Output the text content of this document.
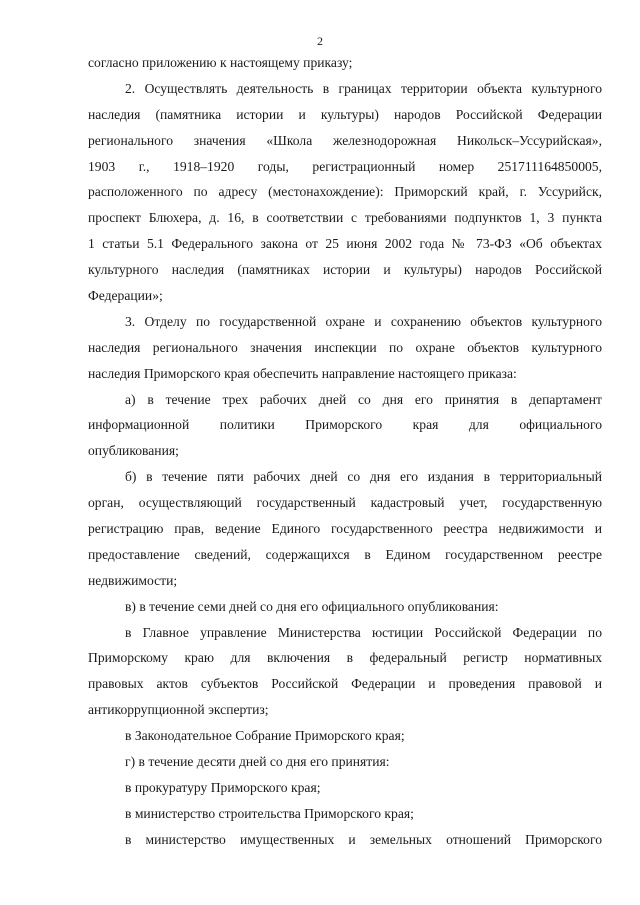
2
согласно приложению к настоящему приказу;
2. Осуществлять деятельность в границах территории объекта культурного
наследия (памятника истории и культуры) народов Российской Федерации
регионального значения «Школа железнодорожная Никольск–Уссурийская»,
1903 г., 1918–1920 годы, регистрационный номер 251711164850005,
расположенного по адресу (местонахождение): Приморский край, г. Уссурийск,
проспект Блюхера, д. 16, в соответствии с требованиями подпунктов 1, 3 пункта
1 статьи 5.1 Федерального закона от 25 июня 2002 года № 73-ФЗ «Об объектах
культурного наследия (памятниках истории и культуры) народов Российской
Федерации»;
3. Отделу по государственной охране и сохранению объектов культурного
наследия регионального значения инспекции по охране объектов культурного
наследия Приморского края обеспечить направление настоящего приказа:
а) в течение трех рабочих дней со дня его принятия в департамент
информационной политики Приморского края для официального
опубликования;
б) в течение пяти рабочих дней со дня его издания в территориальный
орган, осуществляющий государственный кадастровый учет, государственную
регистрацию прав, ведение Единого государственного реестра недвижимости и
предоставление сведений, содержащихся в Едином государственном реестре
недвижимости;
в) в течение семи дней со дня его официального опубликования:
в Главное управление Министерства юстиции Российской Федерации по
Приморскому краю для включения в федеральный регистр нормативных
правовых актов субъектов Российской Федерации и проведения правовой и
антикоррупционной экспертиз;
в Законодательное Собрание Приморского края;
г) в течение десяти дней со дня его принятия:
в прокуратуру Приморского края;
в министерство строительства Приморского края;
в министерство имущественных и земельных отношений Приморского
